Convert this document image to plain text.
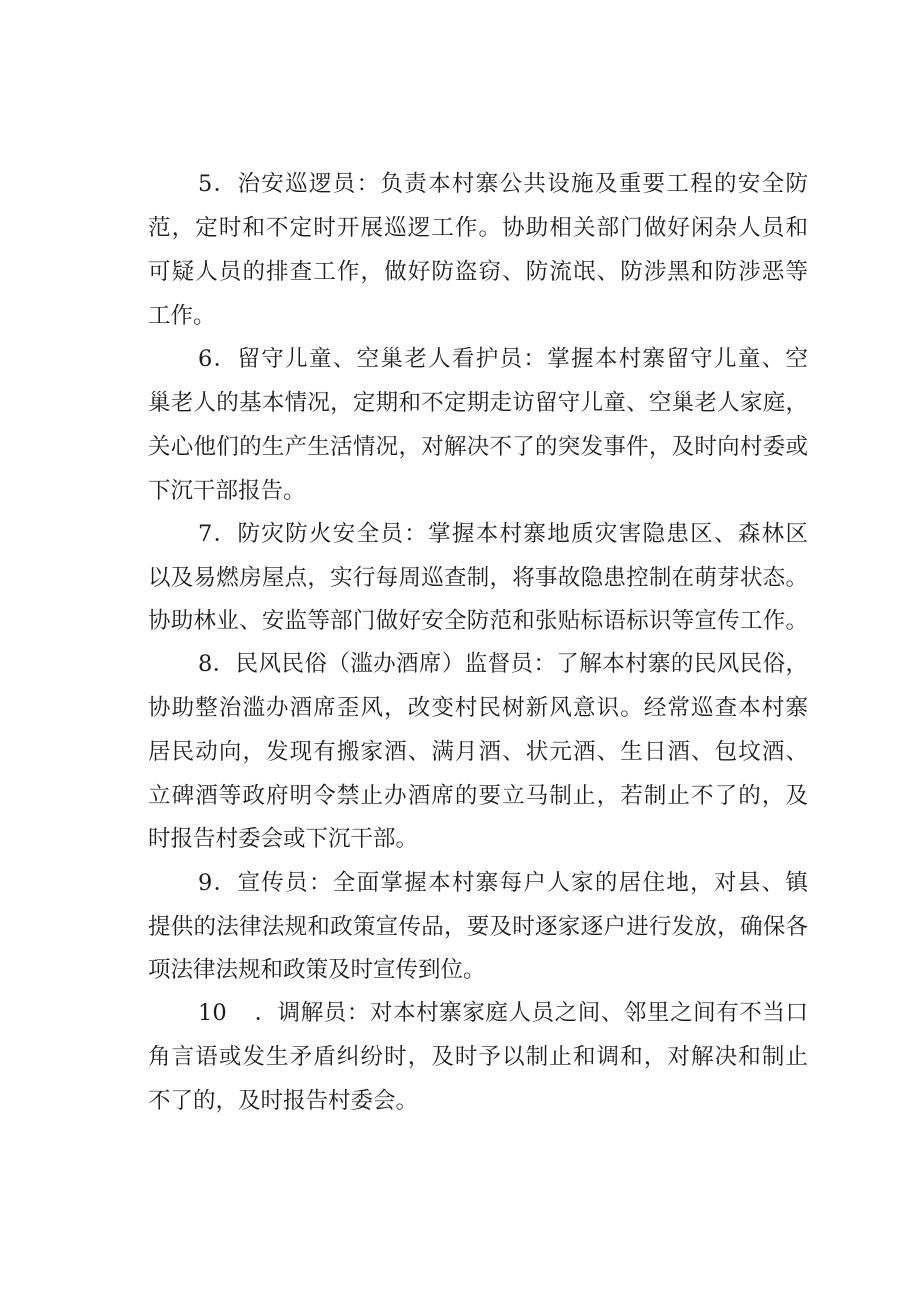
5．治安巡逻员：负责本村寨公共设施及重要工程的安全防
范，定时和不定时开展巡逻工作。协助相关部门做好闲杂人员和
可疑人员的排查工作，做好防盗窃、防流氓、防涉黑和防涉恶等
工作。
6．留守儿童、空巢老人看护员：掌握本村寨留守儿童、空
巢老人的基本情况，定期和不定期走访留守儿童、空巢老人家庭，
关心他们的生产生活情况，对解决不了的突发事件，及时向村委或
下沉干部报告。
7．防灾防火安全员：掌握本村寨地质灾害隐患区、森林区
以及易燃房屋点，实行每周巡查制，将事故隐患控制在萌芽状态。
协助林业、安监等部门做好安全防范和张贴标语标识等宣传工作。
8．民风民俗（滥办酒席）监督员：了解本村寨的民风民俗，
协助整治滥办酒席歪风，改变村民树新风意识。经常巡查本村寨
居民动向，发现有搬家酒、满月酒、状元酒、生日酒、包坟酒、
立碑酒等政府明令禁止办酒席的要立马制止，若制止不了的，及
时报告村委会或下沉干部。
9．宣传员：全面掌握本村寨每户人家的居住地，对县、镇
提供的法律法规和政策宣传品，要及时逐家逐户进行发放，确保各
项法律法规和政策及时宣传到位。
10 ．调解员：对本村寨家庭人员之间、邻里之间有不当口
角言语或发生矛盾纠纷时，及时予以制止和调和，对解决和制止
不了的，及时报告村委会。
